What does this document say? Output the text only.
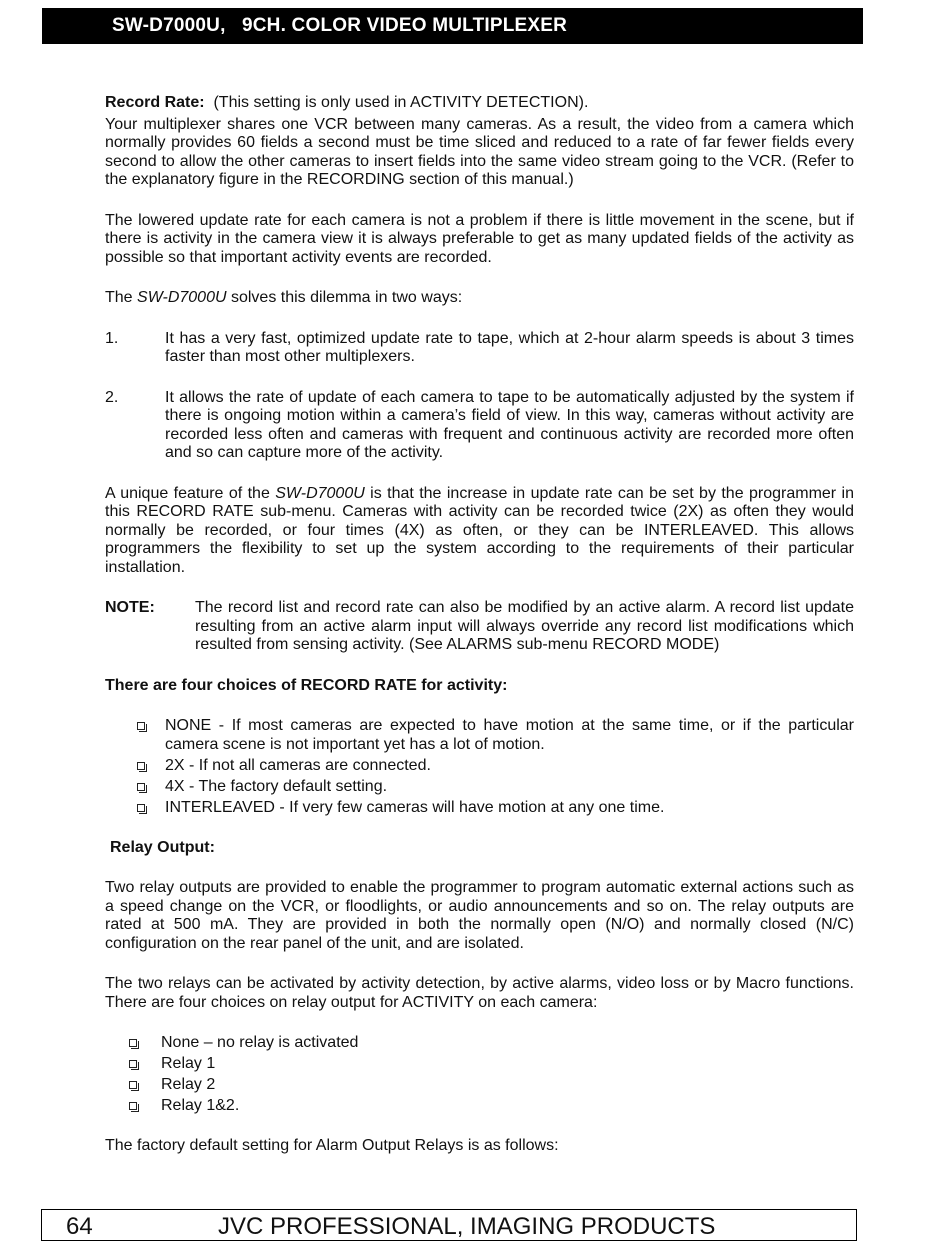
SW-D7000U,   9CH. COLOR VIDEO MULTIPLEXER

Record Rate: (This setting is only used in ACTIVITY DETECTION).

Your multiplexer shares one VCR between many cameras. As a result, the video from a camera which normally provides 60 fields a second must be time sliced and reduced to a rate of far fewer fields every second to allow the other cameras to insert fields into the same video stream going to the VCR. (Refer to the explanatory figure in the RECORDING section of this manual.)

The lowered update rate for each camera is not a problem if there is little movement in the scene, but if there is activity in the camera view it is always preferable to get as many updated fields of the activity as possible so that important activity events are recorded.

The SW-D7000U solves this dilemma in two ways:

1.	It has a very fast, optimized update rate to tape, which at 2-hour alarm speeds is about 3 times faster than most other multiplexers.
2.	It allows the rate of update of each camera to tape to be automatically adjusted by the system if there is ongoing motion within a camera’s field of view. In this way, cameras without activity are recorded less often and cameras with frequent and continuous activity are recorded more often and so can capture more of the activity.

A unique feature of the SW-D7000U is that the increase in update rate can be set by the programmer in this RECORD RATE sub-menu. Cameras with activity can be recorded twice (2X) as often they would normally be recorded, or four times (4X) as often, or they can be INTERLEAVED. This allows programmers the flexibility to set up the system according to the requirements of their particular installation.

NOTE:	The record list and record rate can also be modified by an active alarm. A record list update resulting from an active alarm input will always override any record list modifications which resulted from sensing activity. (See ALARMS sub-menu RECORD MODE)

There are four choices of RECORD RATE for activity:

NONE - If most cameras are expected to have motion at the same time, or if the particular camera scene is not important yet has a lot of motion.
2X - If not all cameras are connected.
4X - The factory default setting.
INTERLEAVED - If very few cameras will have motion at any one time.

Relay Output:

Two relay outputs are provided to enable the programmer to program automatic external actions such as a speed change on the VCR, or floodlights, or audio announcements and so on. The relay outputs are rated at 500 mA. They are provided in both the normally open (N/O) and normally closed (N/C) configuration on the rear panel of the unit, and are isolated.

The two relays can be activated by activity detection, by active alarms, video loss or by Macro functions. There are four choices on relay output for ACTIVITY on each camera:

None – no relay is activated
Relay 1
Relay 2
Relay 1&2.

The factory default setting for Alarm Output Relays is as follows:

64	JVC PROFESSIONAL, IMAGING PRODUCTS
